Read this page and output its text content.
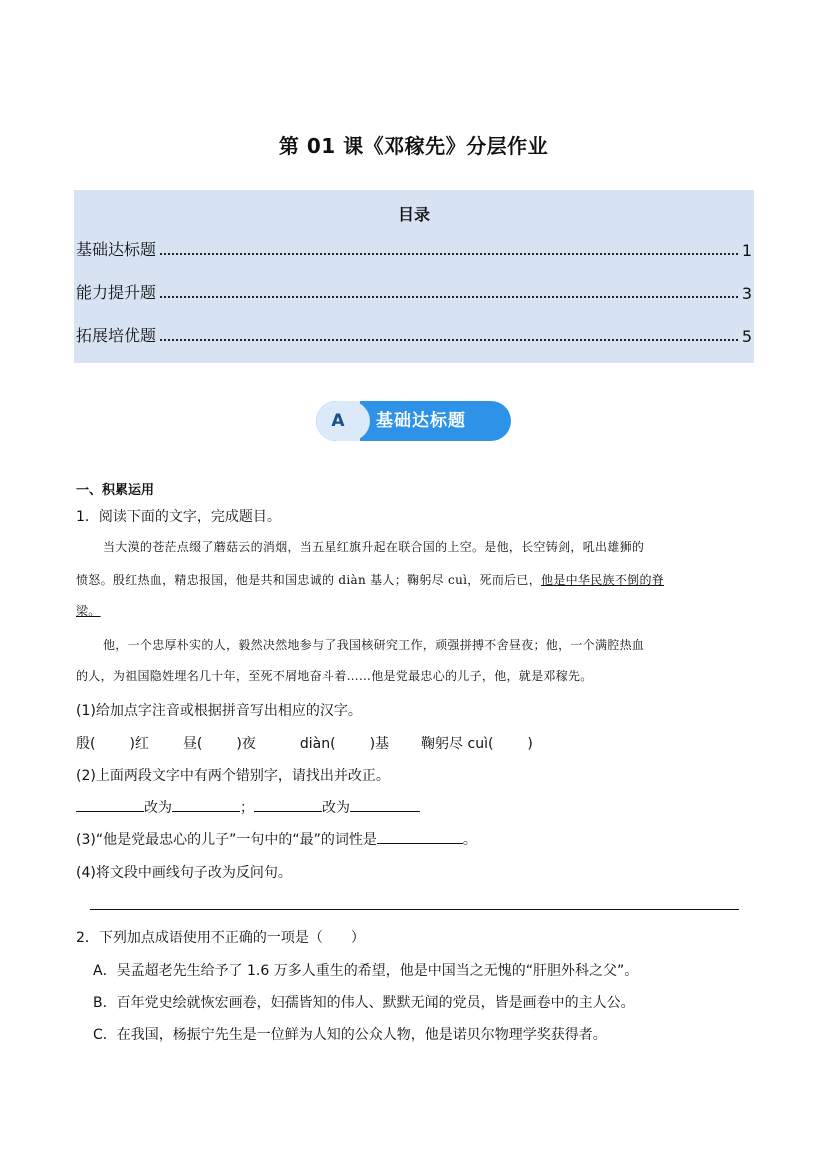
第 01 课《邓稼先》分层作业
目录
基础达标题	1
能力提升题	3
拓展培优题	5
A	基础达标题
一、积累运用
1．阅读下面的文字，完成题目。
当大漠的苍茫点缀了蘑菇云的消烟，当五星红旗升起在联合国的上空。是他，长空铸剑，吼出雄狮的
愤怒。殷红热血，精忠报国，他是共和国忠诚的 diàn 基人；鞠躬尽 cuì，死而后已，他是中华民族不倒的脊
梁。
他，一个忠厚朴实的人，毅然决然地参与了我国核研究工作，顽强拼搏不舍昼夜；他，一个满腔热血
的人，为祖国隐姓埋名几十年，至死不屑地奋斗着……他是党最忠心的儿子，他，就是邓稼先。
(1)给加点字注音或根据拼音写出相应的汉字。
殷( )红 昼( )夜	diàn( )基 鞠躬尽 cuì( )
(2)上面两段文字中有两个错别字，请找出并改正。
改为	；	改为
(3)“他是党最忠心的儿子”一句中的“最”的词性是	。
(4)将文段中画线句子改为反问句。
2．下列加点成语使用不正确的一项是（　　）
A．吴孟超老先生给予了 1.6 万多人重生的希望，他是中国当之无愧的“肝胆外科之父”。
B．百年党史绘就恢宏画卷，妇孺皆知的伟人、默默无闻的党员，皆是画卷中的主人公。
C．在我国，杨振宁先生是一位鲜为人知的公众人物，他是诺贝尔物理学奖获得者。
